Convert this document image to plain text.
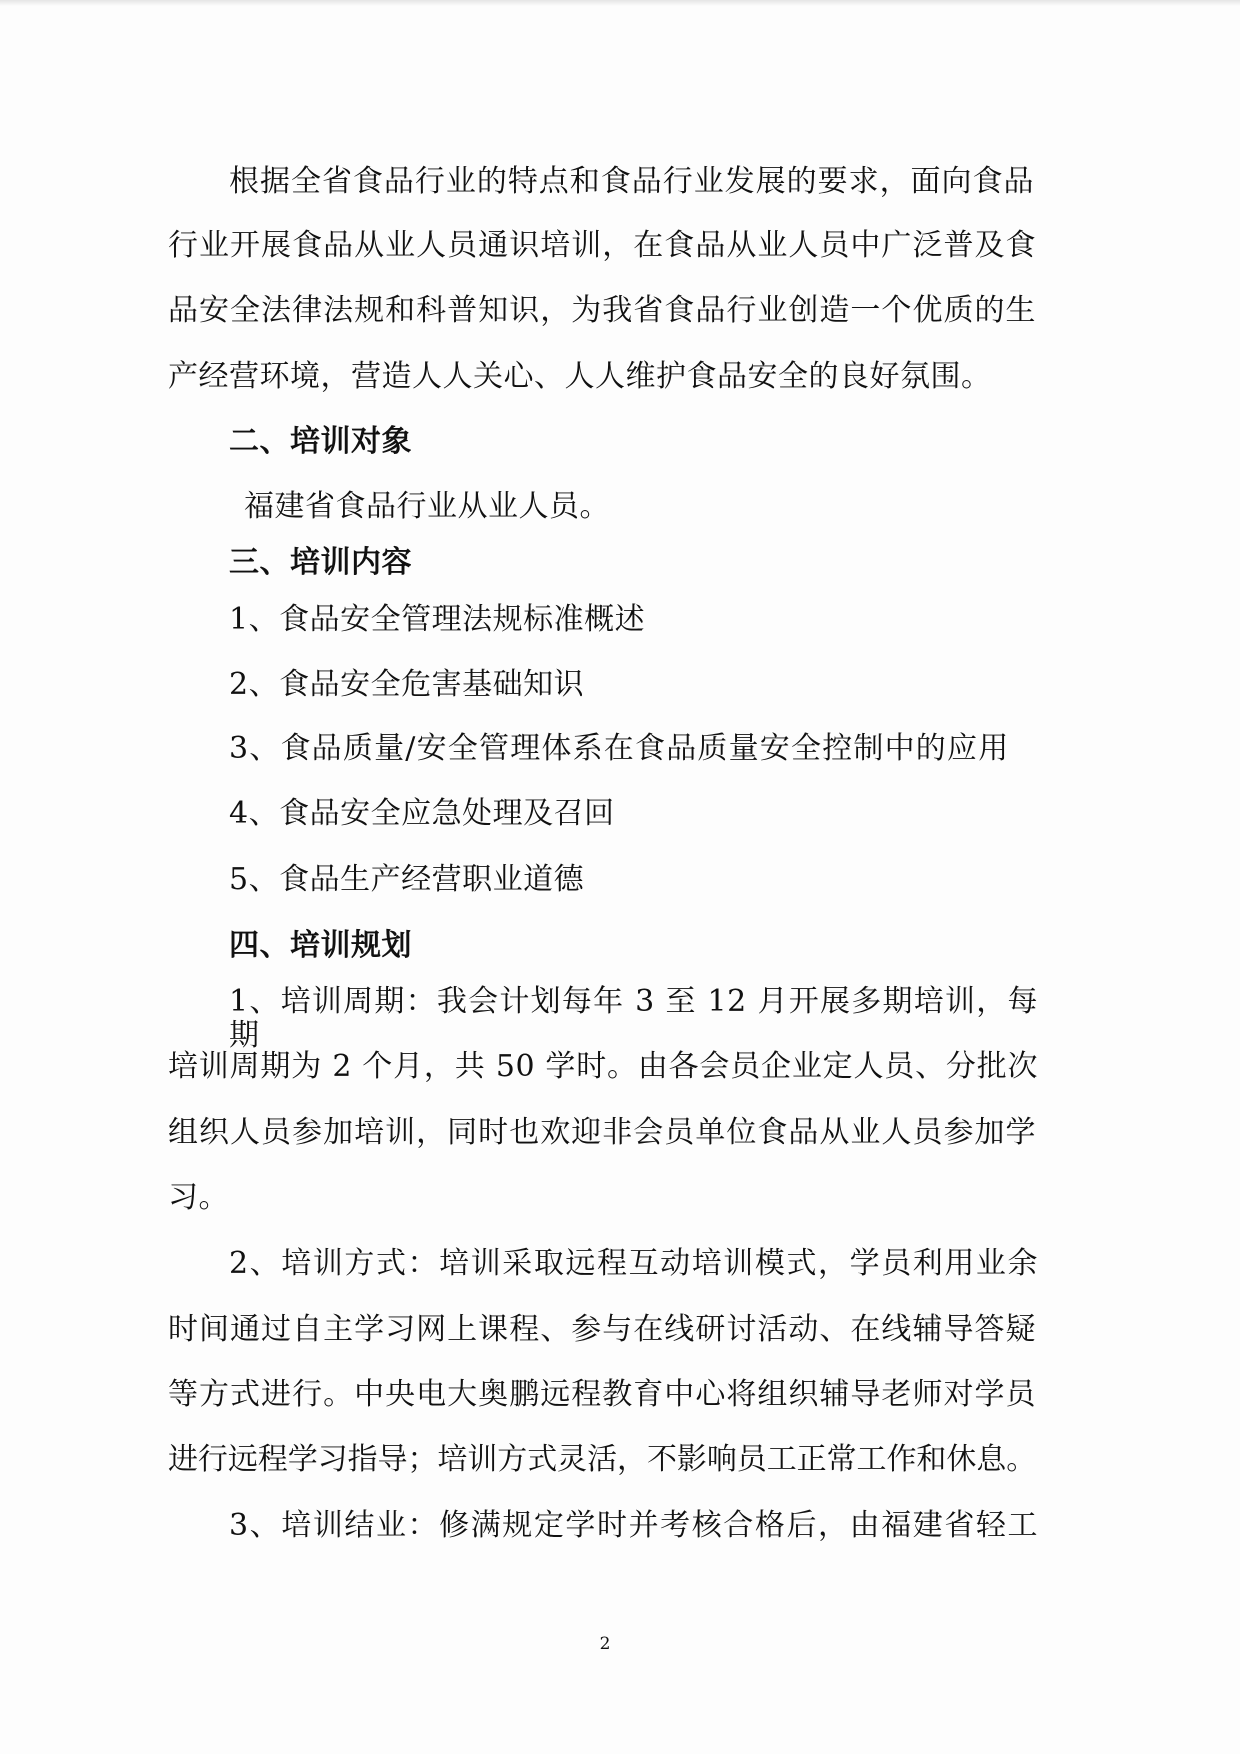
根据全省食品行业的特点和食品行业发展的要求，面向食品

行业开展食品从业人员通识培训，在食品从业人员中广泛普及食

品安全法律法规和科普知识，为我省食品行业创造一个优质的生

产经营环境，营造人人关心、人人维护食品安全的良好氛围。

二、培训对象

福建省食品行业从业人员。

三、培训内容

1、食品安全管理法规标准概述

2、食品安全危害基础知识

3、食品质量/安全管理体系在食品质量安全控制中的应用

4、食品安全应急处理及召回

5、食品生产经营职业道德

四、培训规划

1、培训周期：我会计划每年 3 至 12 月开展多期培训，每期

培训周期为 2 个月，共 50 学时。由各会员企业定人员、分批次

组织人员参加培训，同时也欢迎非会员单位食品从业人员参加学

习。

2、培训方式：培训采取远程互动培训模式，学员利用业余

时间通过自主学习网上课程、参与在线研讨活动、在线辅导答疑

等方式进行。中央电大奥鹏远程教育中心将组织辅导老师对学员

进行远程学习指导；培训方式灵活，不影响员工正常工作和休息。

3、培训结业：修满规定学时并考核合格后，由福建省轻工

2
